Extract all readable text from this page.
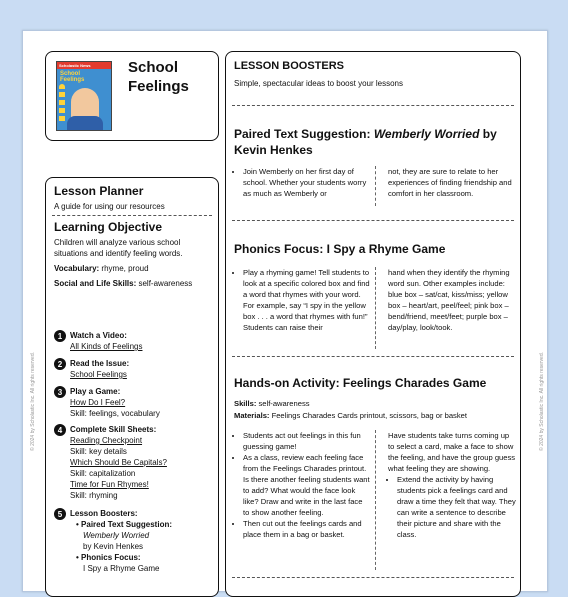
Scholastic News
School Feelings
School Feelings
Lesson Planner
A guide for using our resources
Learning Objective
Children will analyze various school situations and identify feeling words.
Vocabulary: rhyme, proud
Social and Life Skills: self-awareness
1 Watch a Video:
All Kinds of Feelings
2 Read the Issue:
School Feelings
3 Play a Game:
How Do I Feel?
Skill: feelings, vocabulary
4 Complete Skill Sheets:
Reading Checkpoint
Skill: key details
Which Should Be Capitals?
Skill: capitalization
Time for Fun Rhymes!
Skill: rhyming
5 Lesson Boosters:
• Paired Text Suggestion:
Wemberly Worried
by Kevin Henkes
• Phonics Focus:
I Spy a Rhyme Game
LESSON BOOSTERS
Simple, spectacular ideas to boost your lessons
Paired Text Suggestion: Wemberly Worried by Kevin Henkes
• Join Wemberly on her first day of school. Whether your students worry as much as Wemberly or
not, they are sure to relate to her experiences of finding friendship and comfort in her classroom.
Phonics Focus: I Spy a Rhyme Game
• Play a rhyming game! Tell students to look at a specific colored box and find a word that rhymes with your word. For example, say “I spy in the yellow box . . . a word that rhymes with fun!” Students can raise their
hand when they identify the rhyming word sun. Other examples include: blue box – sat/cat, kiss/miss; yellow box – heart/art, peel/feel; pink box – bend/friend, meet/feet; purple box – day/play, look/took.
Hands-on Activity: Feelings Charades Game
Skills: self-awareness
Materials: Feelings Charades Cards printout, scissors, bag or basket
• Students act out feelings in this fun guessing game!
• As a class, review each feeling face from the Feelings Charades printout. Is there another feeling students want to add? What would the face look like? Draw and write in the last face to show another feeling.
• Then cut out the feelings cards and place them in a bag or basket.
Have students take turns coming up to select a card, make a face to show the feeling, and have the group guess what feeling they are showing.
• Extend the activity by having students pick a feelings card and draw a time they felt that way. They can write a sentence to describe their picture and share with the class.
© 2024 by Scholastic Inc. All rights reserved.	© 2024 by Scholastic Inc. All rights reserved.
